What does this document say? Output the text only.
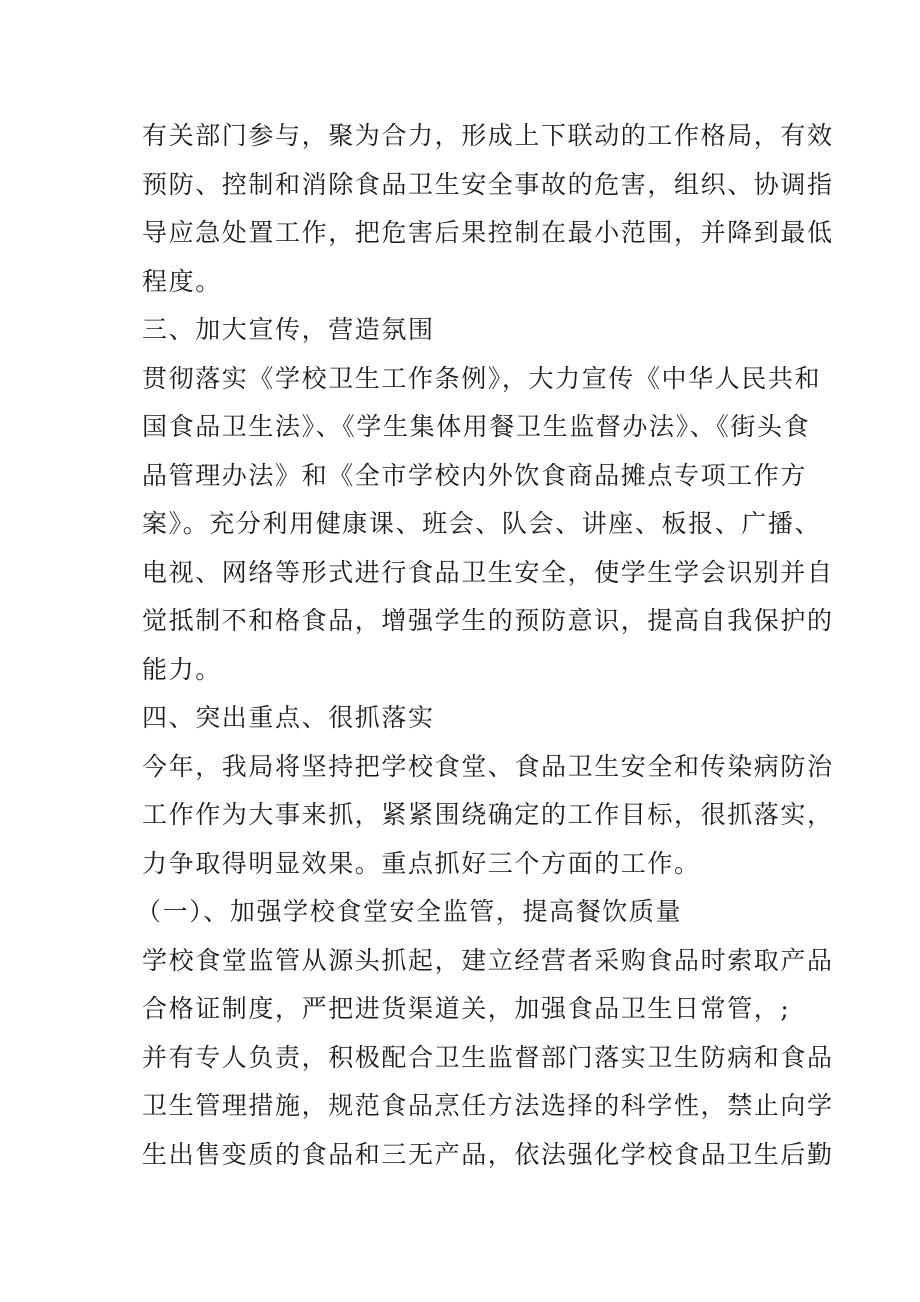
有关部门参与，聚为合力，形成上下联动的工作格局，有效
预防、控制和消除食品卫生安全事故的危害，组织、协调指
导应急处置工作，把危害后果控制在最小范围，并降到最低
程度。
三、加大宣传，营造氛围
贯彻落实《学校卫生工作条例》，大力宣传《中华人民共和
国食品卫生法》、《学生集体用餐卫生监督办法》、《街头食
品管理办法》和《全市学校内外饮食商品摊点专项工作方
案》。充分利用健康课、班会、队会、讲座、板报、广播、
电视、网络等形式进行食品卫生安全，使学生学会识别并自
觉抵制不和格食品，增强学生的预防意识，提高自我保护的
能力。
四、突出重点、很抓落实
今年，我局将坚持把学校食堂、食品卫生安全和传染病防治
工作作为大事来抓，紧紧围绕确定的工作目标，很抓落实，
力争取得明显效果。重点抓好三个方面的工作。
（一）、加强学校食堂安全监管，提高餐饮质量
学校食堂监管从源头抓起，建立经营者采购食品时索取产品
合格证制度，严把进货渠道关，加强食品卫生日常管，;
并有专人负责，积极配合卫生监督部门落实卫生防病和食品
卫生管理措施，规范食品烹任方法选择的科学性，禁止向学
生出售变质的食品和三无产品，依法强化学校食品卫生后勤
